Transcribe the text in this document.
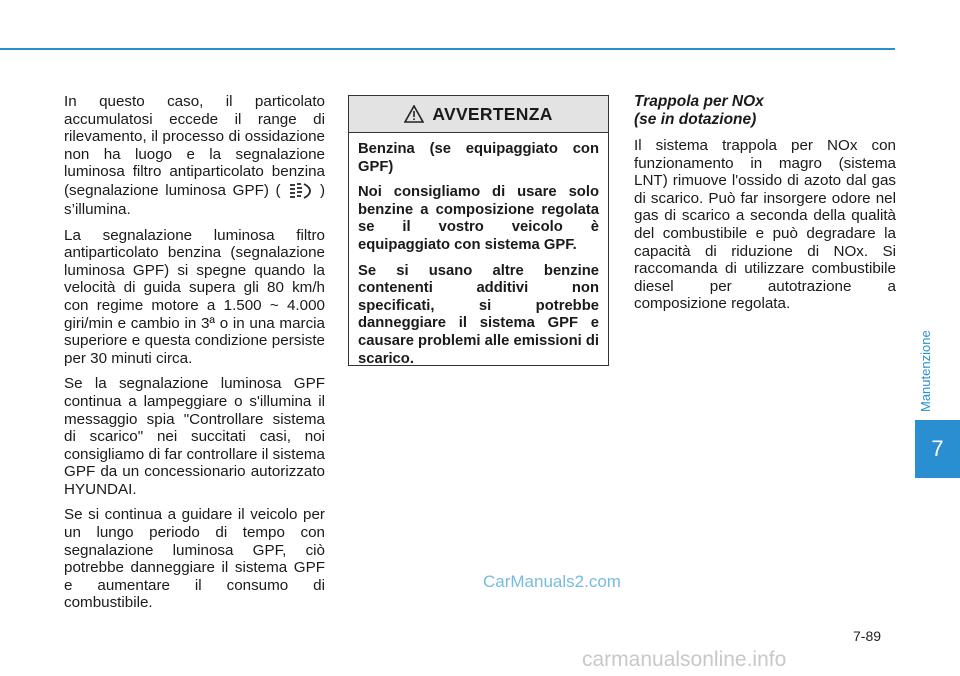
In questo caso, il particolato accumulatosi eccede il range di rilevamento, il processo di ossidazione non ha luogo e la segnalazione luminosa filtro antiparticolato benzina (segnalazione luminosa GPF) (	) s’illumina.

La segnalazione luminosa filtro antiparticolato benzina (segnalazione luminosa GPF) si spegne quando la velocità di guida supera gli 80 km/h con regime motore a 1.500 ~ 4.000 giri/min e cambio in 3ª o in una marcia superiore e questa condizione persiste per 30 minuti circa.

Se la segnalazione luminosa GPF continua a lampeggiare o s'illumina il messaggio spia "Controllare sistema di scarico" nei succitati casi, noi consigliamo di far controllare il sistema GPF da un concessionario autorizzato HYUNDAI.

Se si continua a guidare il veicolo per un lungo periodo di tempo con segnalazione luminosa GPF, ciò potrebbe danneggiare il sistema GPF e aumentare il consumo di combustibile.

AVVERTENZA

Benzina (se equipaggiato con GPF)

Noi consigliamo di usare solo benzine a composizione regolata se il vostro veicolo è equipaggiato con sistema GPF.

Se si usano altre benzine contenenti additivi non specificati, si potrebbe danneggiare il sistema GPF e causare problemi alle emissioni di scarico.

Trappola per NOx
(se in dotazione)

Il sistema trappola per NOx con funzionamento in magro (sistema LNT) rimuove l'ossido di azoto dal gas di scarico. Può far insorgere odore nel gas di scarico a seconda della qualità del combustibile e può degradare la capacità di riduzione di NOx. Si raccomanda di utilizzare combustibile diesel per autotrazione a composizione regolata.

Manutenzione
7
7-89
CarManuals2.com
carmanualsonline.info
